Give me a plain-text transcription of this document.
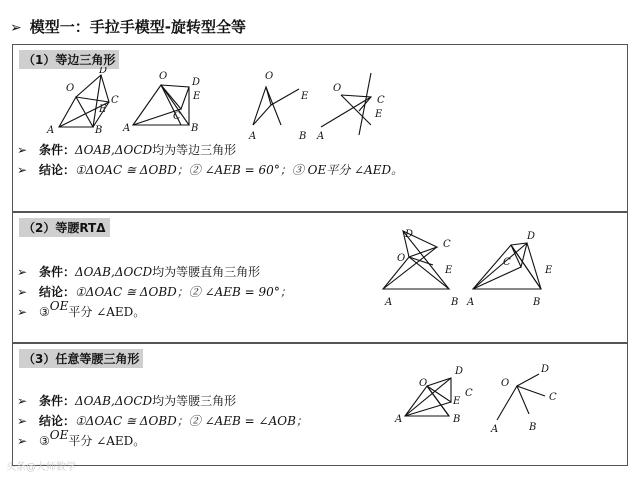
➢ 模型一：手拉手模型-旋转型全等
（1）等边三角形
A	B
O
C
D
E
A	B
O
C
D
E
A	B
O
E
A
O
C
E
➢ 条件：ΔOAB,ΔOCD均为等边三角形
➢ 结论：①ΔOAC ≅ ΔOBD；② ∠AEB = 60°；③ OE平分 ∠AED。
（2）等腰RTΔ
A	B
O
C
D
E
A	B
C
D
E
➢ 条件：ΔOAB,ΔOCD均为等腰直角三角形
➢ 结论：①ΔOAC ≅ ΔOBD；② ∠AEB = 90°；
➢ ③OE平分 ∠AED。
（3）任意等腰三角形
A	B
O
E
C
D
A	B
O
D
C
➢ 条件：ΔOAB,ΔOCD均为等腰三角形
➢ 结论：①ΔOAC ≅ ΔOBD；② ∠AEB = ∠AOB；
➢ ③OE平分 ∠AED。
头条@大师数学
